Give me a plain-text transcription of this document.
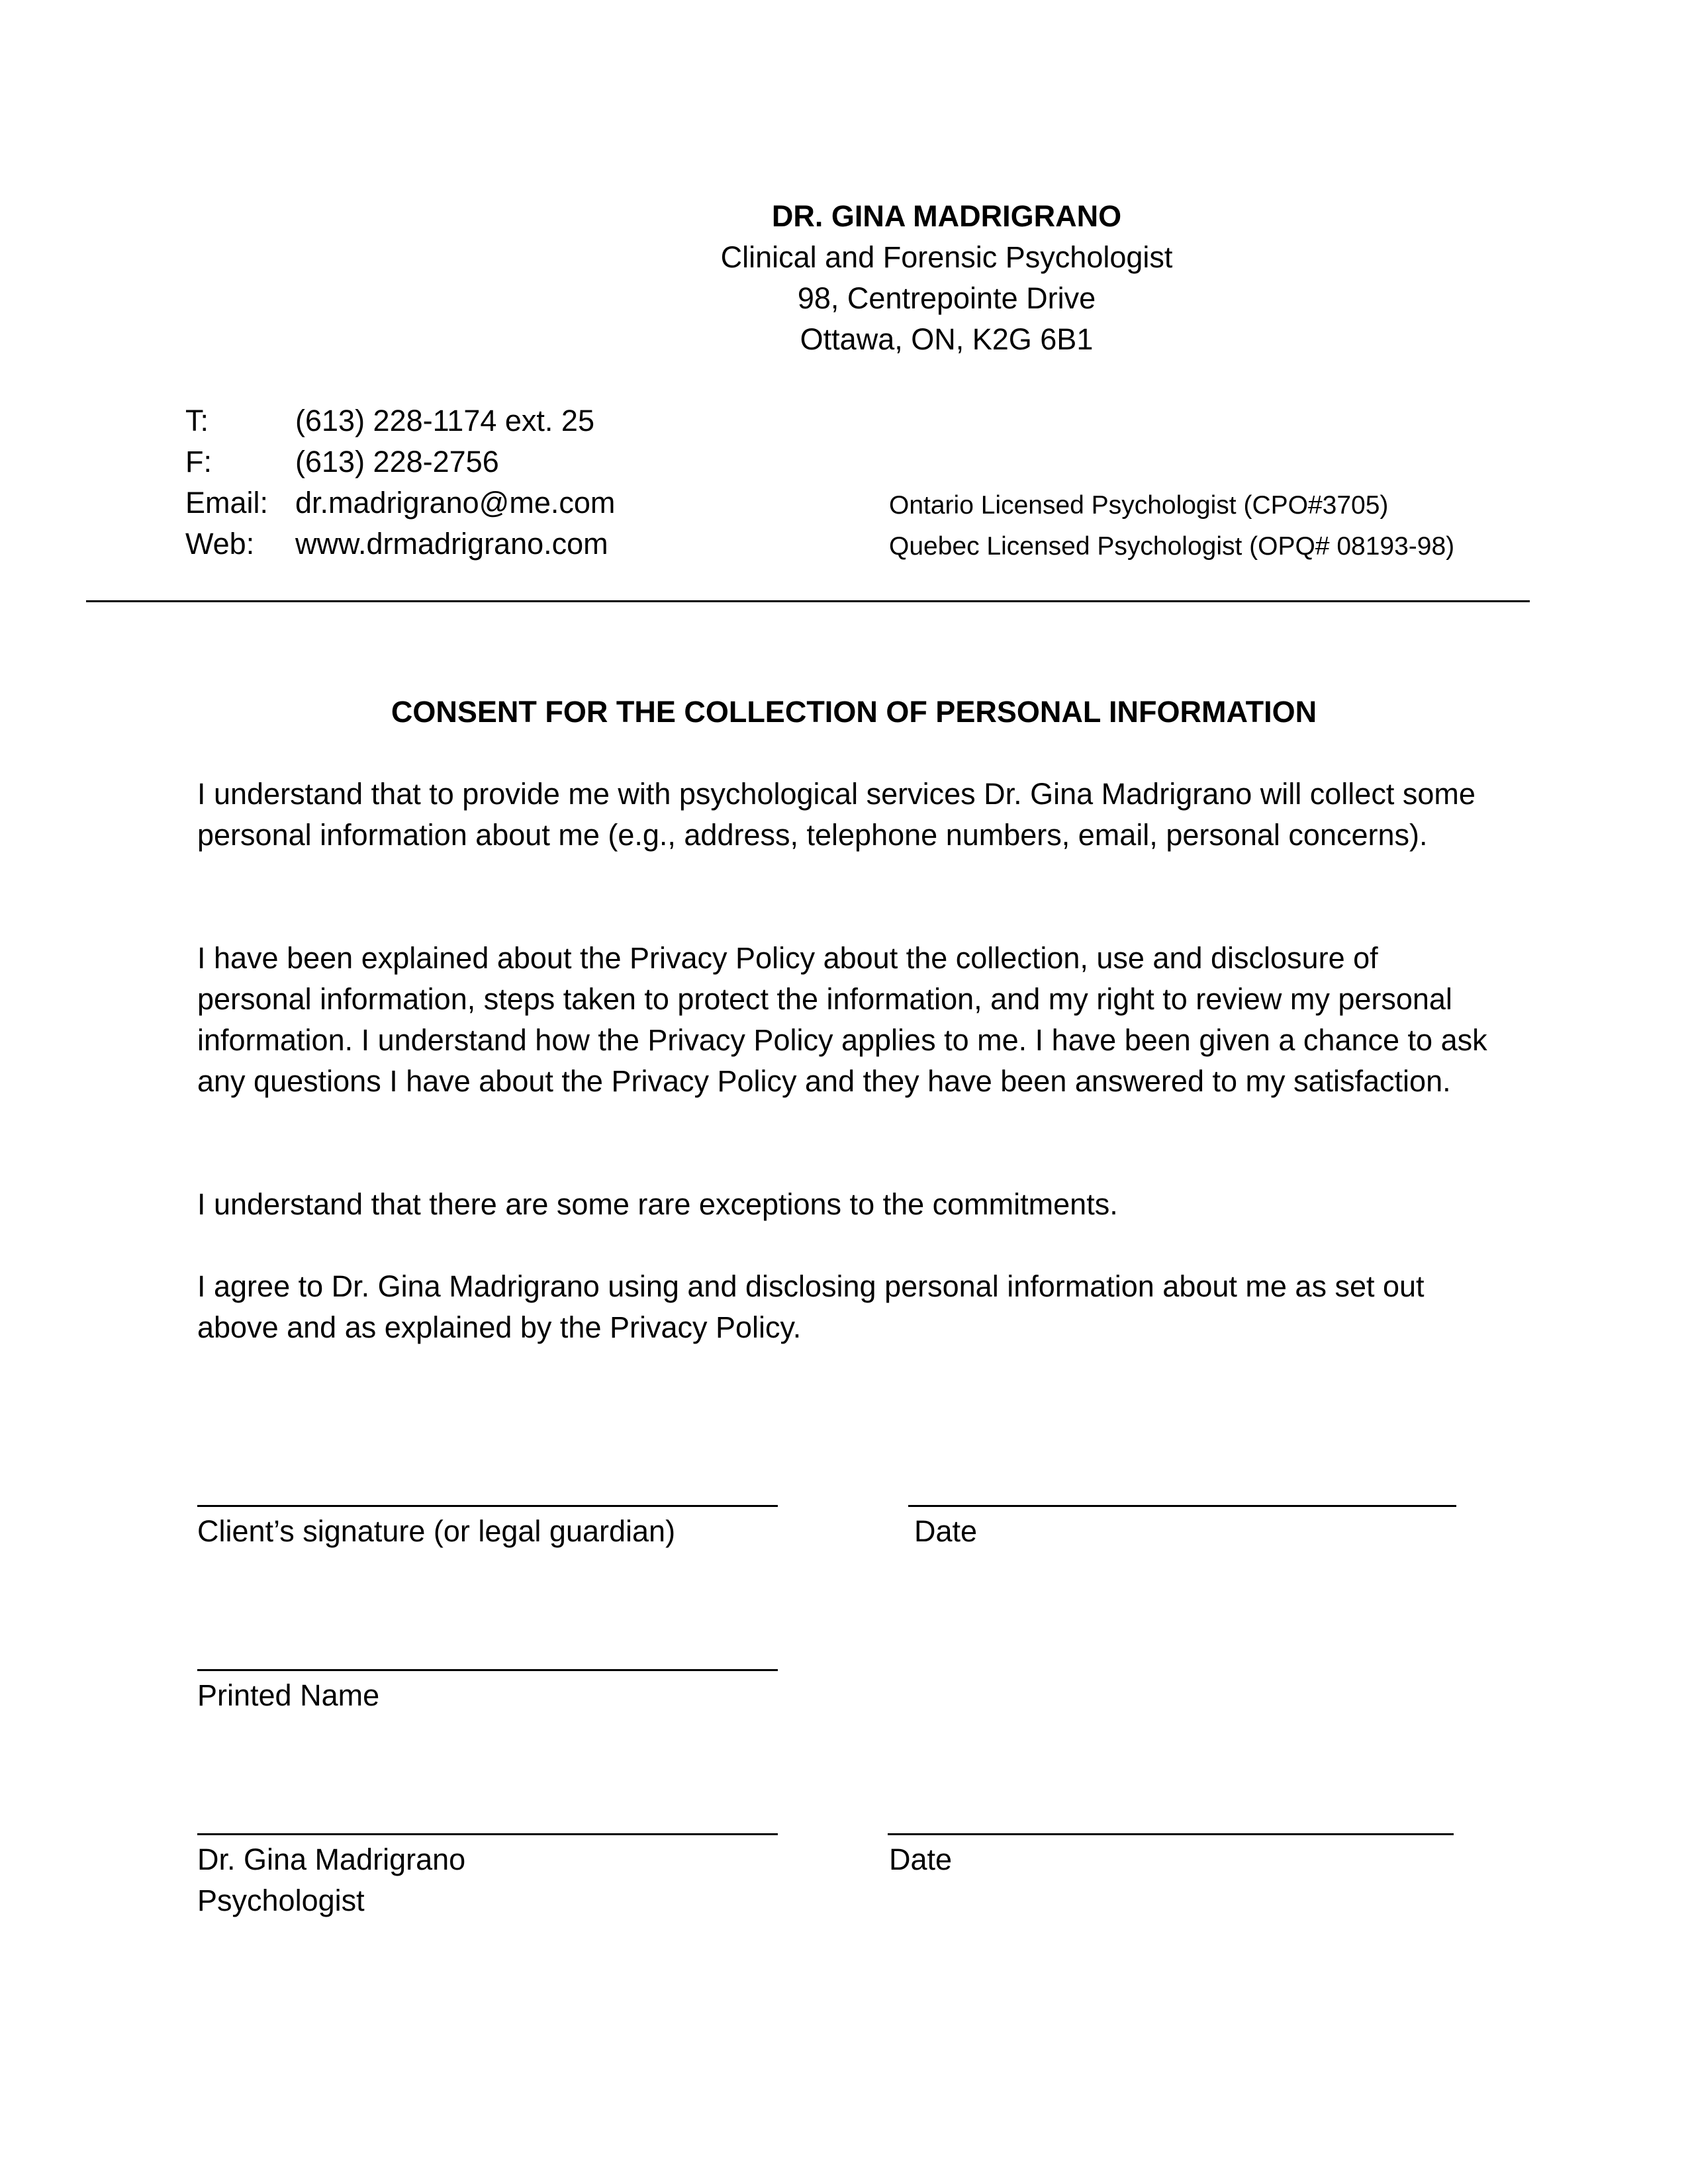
DR. GINA MADRIGRANO
Clinical and Forensic Psychologist
98, Centrepointe Drive
Ottawa, ON, K2G 6B1
T:	(613) 228-1174 ext. 25
F:	(613) 228-2756
Email: dr.madrigrano@me.com
Web: www.drmadrigrano.com
Ontario Licensed Psychologist (CPO#3705)
Quebec Licensed Psychologist (OPQ# 08193-98)
CONSENT FOR THE COLLECTION OF PERSONAL INFORMATION

I understand that to provide me with psychological services Dr. Gina Madrigrano will collect some personal information about me (e.g., address, telephone numbers, email, personal concerns).

I have been explained about the Privacy Policy about the collection, use and disclosure of personal information, steps taken to protect the information, and my right to review my personal information. I understand how the Privacy Policy applies to me. I have been given a chance to ask any questions I have about the Privacy Policy and they have been answered to my satisfaction.

I understand that there are some rare exceptions to the commitments.

I agree to Dr. Gina Madrigrano using and disclosing personal information about me as set out above and as explained by the Privacy Policy.

Client’s signature (or legal guardian)	Date
Printed Name
Dr. Gina Madrigrano
Psychologist
Date
